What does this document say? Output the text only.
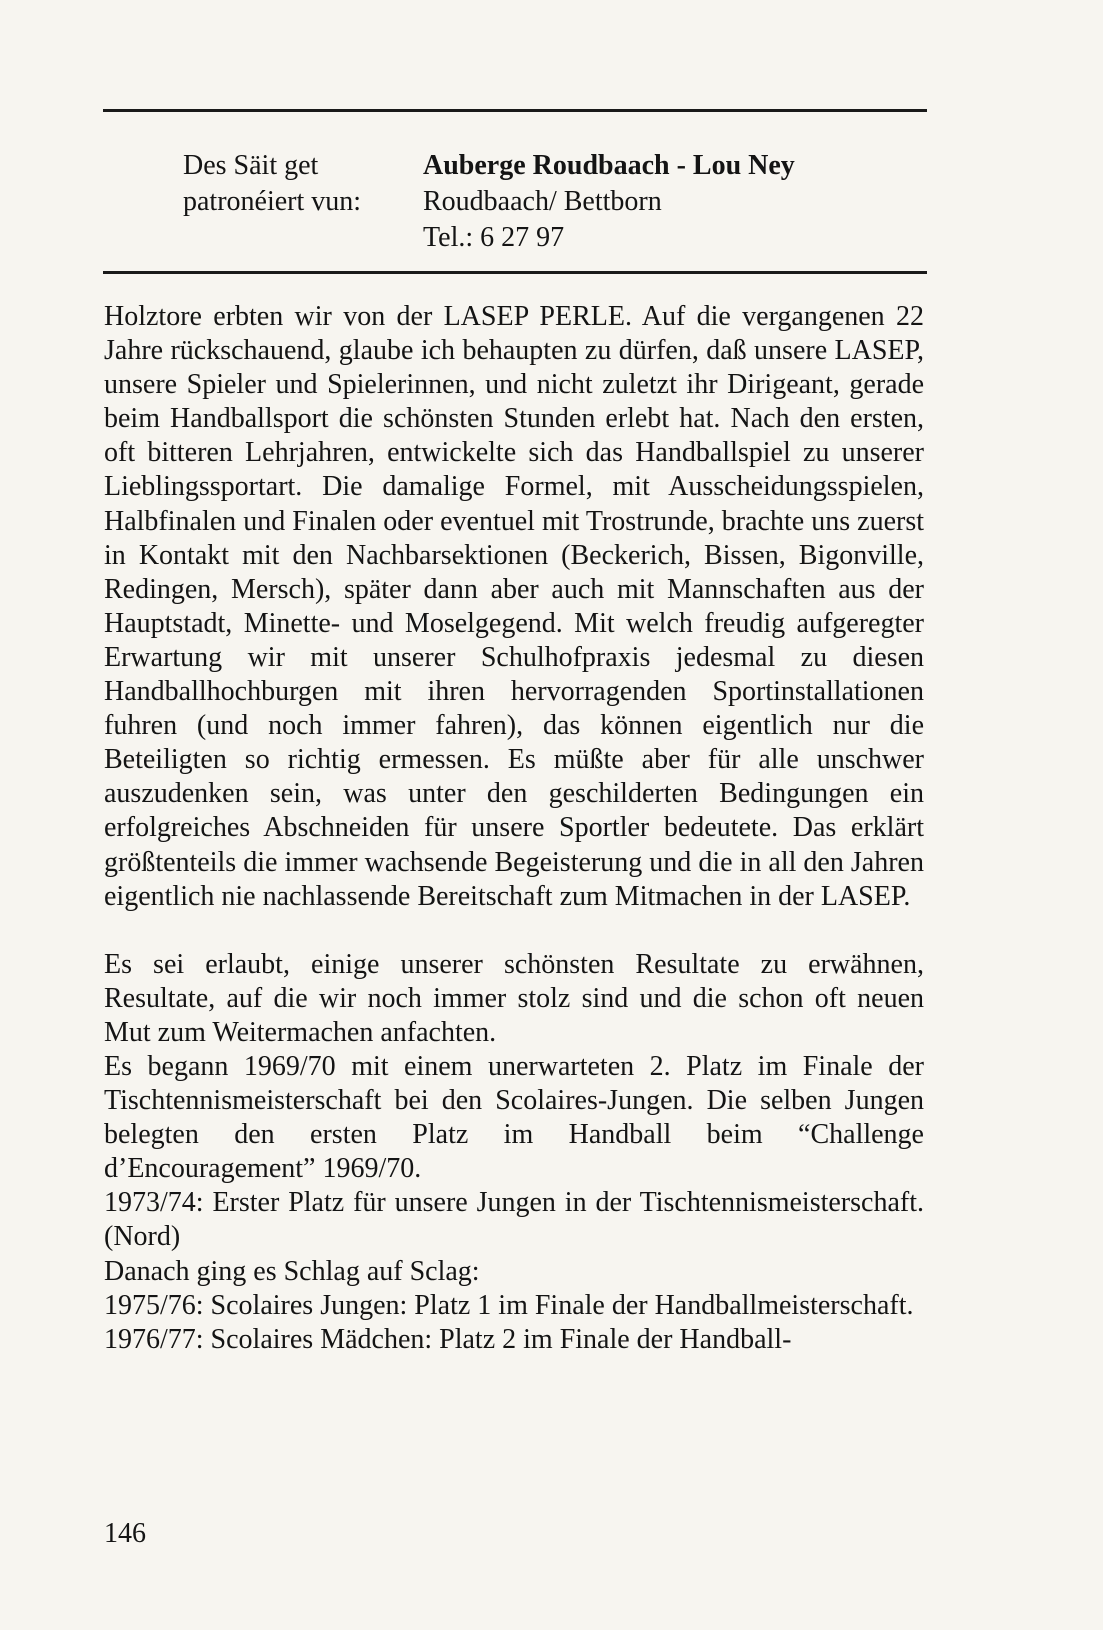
Des Säit get
patronéiert vun:
Auberge Roudbaach - Lou Ney
Roudbaach/ Bettborn
Tel.: 6 27 97

Holztore erbten wir von der LASEP PERLE. Auf die vergangenen 22 Jahre rückschauend, glaube ich behaupten zu dürfen, daß unsere LASEP, unsere Spieler und Spielerinnen, und nicht zuletzt ihr Dirigeant, gerade beim Handballsport die schönsten Stunden erlebt hat. Nach den ersten, oft bitteren Lehrjahren, entwickelte sich das Handballspiel zu unserer Lieblingssportart. Die damalige Formel, mit Ausscheidungsspielen, Halbfinalen und Finalen oder eventuel mit Trostrunde, brachte uns zuerst in Kontakt mit den Nachbarsektionen (Beckerich, Bissen, Bigonville, Redingen, Mersch), später dann aber auch mit Mannschaften aus der Hauptstadt, Minette- und Moselgegend. Mit welch freudig aufgeregter Erwartung wir mit unserer Schulhofpraxis jedesmal zu diesen Handballhochburgen mit ihren hervorragenden Sportinstallationen fuhren (und noch immer fahren), das können eigentlich nur die Beteiligten so richtig ermessen. Es müßte aber für alle unschwer auszudenken sein, was unter den geschilderten Bedingungen ein erfolgreiches Abschneiden für unsere Sportler bedeutete. Das erklärt größtenteils die immer wachsende Begeisterung und die in all den Jahren eigentlich nie nachlassende Bereitschaft zum Mitmachen in der LASEP.

Es sei erlaubt, einige unserer schönsten Resultate zu erwähnen, Resultate, auf die wir noch immer stolz sind und die schon oft neuen Mut zum Weitermachen anfachten.

Es begann 1969/70 mit einem unerwarteten 2. Platz im Finale der Tischtennismeisterschaft bei den Scolaires-Jungen. Die selben Jungen belegten den ersten Platz im Handball beim “Challenge d’Encouragement” 1969/70.

1973/74: Erster Platz für unsere Jungen in der Tischtennismeisterschaft. (Nord)

Danach ging es Schlag auf Sclag:

1975/76: Scolaires Jungen: Platz 1 im Finale der Handballmeisterschaft.

1976/77: Scolaires Mädchen: Platz 2 im Finale der Handball-

146
